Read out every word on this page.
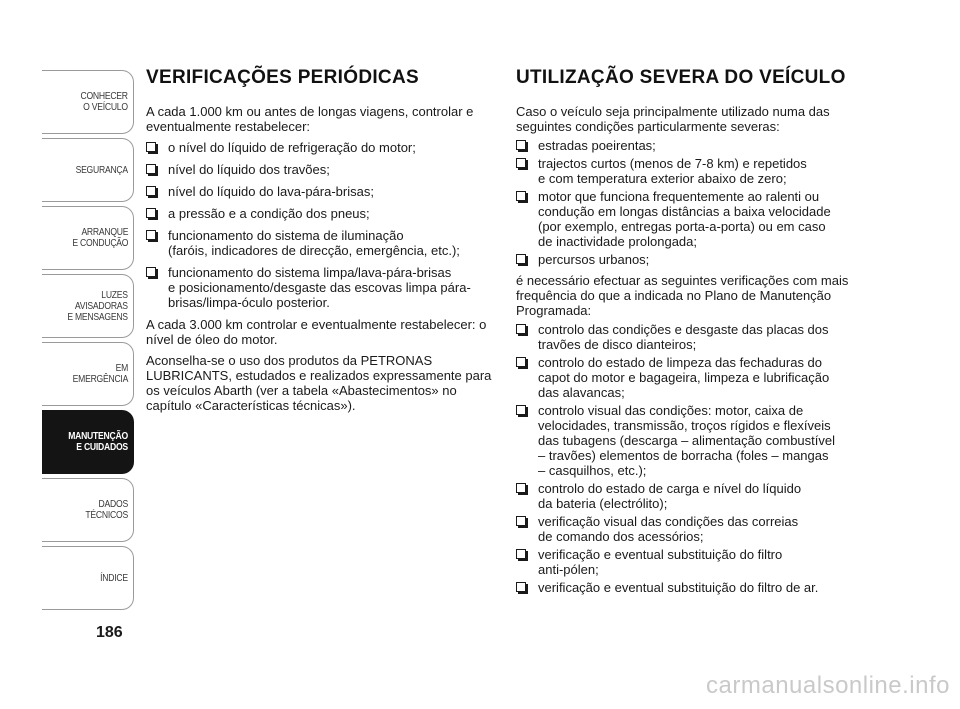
CONHECER
O VEÍCULO
SEGURANÇA
ARRANQUE
E CONDUÇÃO
LUZES
AVISADORAS
E MENSAGENS
EM EMERGÊNCIA
MANUTENÇÃO
E CUIDADOS
DADOS
TÉCNICOS
ÍNDICE
186
VERIFICAÇÕES PERIÓDICAS

A cada 1.000 km ou antes de longas viagens, controlar e eventualmente restabelecer:

o nível do líquido de refrigeração do motor;
nível do líquido dos travões;
nível do líquido do lava-pára-brisas;
a pressão e a condição dos pneus;
funcionamento do sistema de iluminação
(faróis, indicadores de direcção, emergência, etc.);
funcionamento do sistema limpa/lava-pára-brisas
e posicionamento/desgaste das escovas limpa pára-
brisas/limpa-óculo posterior.

A cada 3.000 km controlar e eventualmente restabelecer: o nível de óleo do motor.

Aconselha-se o uso dos produtos da PETRONAS LUBRICANTS, estudados e realizados expressamente para os veículos Abarth (ver a tabela «Abastecimentos» no capítulo «Características técnicas»).

UTILIZAÇÃO SEVERA DO VEÍCULO

Caso o veículo seja principalmente utilizado numa das seguintes condições particularmente severas:

estradas poeirentas;
trajectos curtos (menos de 7-8 km) e repetidos
e com temperatura exterior abaixo de zero;
motor que funciona frequentemente ao ralenti ou
condução em longas distâncias a baixa velocidade
(por exemplo, entregas porta-a-porta) ou em caso
de inactividade prolongada;
percursos urbanos;

é necessário efectuar as seguintes verificações com mais frequência do que a indicada no Plano de Manutenção Programada:

controlo das condições e desgaste das placas dos
travões de disco dianteiros;
controlo do estado de limpeza das fechaduras do
capot do motor e bagageira, limpeza e lubrificação
das alavancas;
controlo visual das condições: motor, caixa de
velocidades, transmissão, troços rígidos e flexíveis
das tubagens (descarga – alimentação combustível
– travões) elementos de borracha (foles – mangas
– casquilhos, etc.);
controlo do estado de carga e nível do líquido
da bateria (electrólito);
verificação visual das condições das correias
de comando dos acessórios;
verificação e eventual substituição do filtro
anti-pólen;
verificação e eventual substituição do filtro de ar.
carmanualsonline.info
